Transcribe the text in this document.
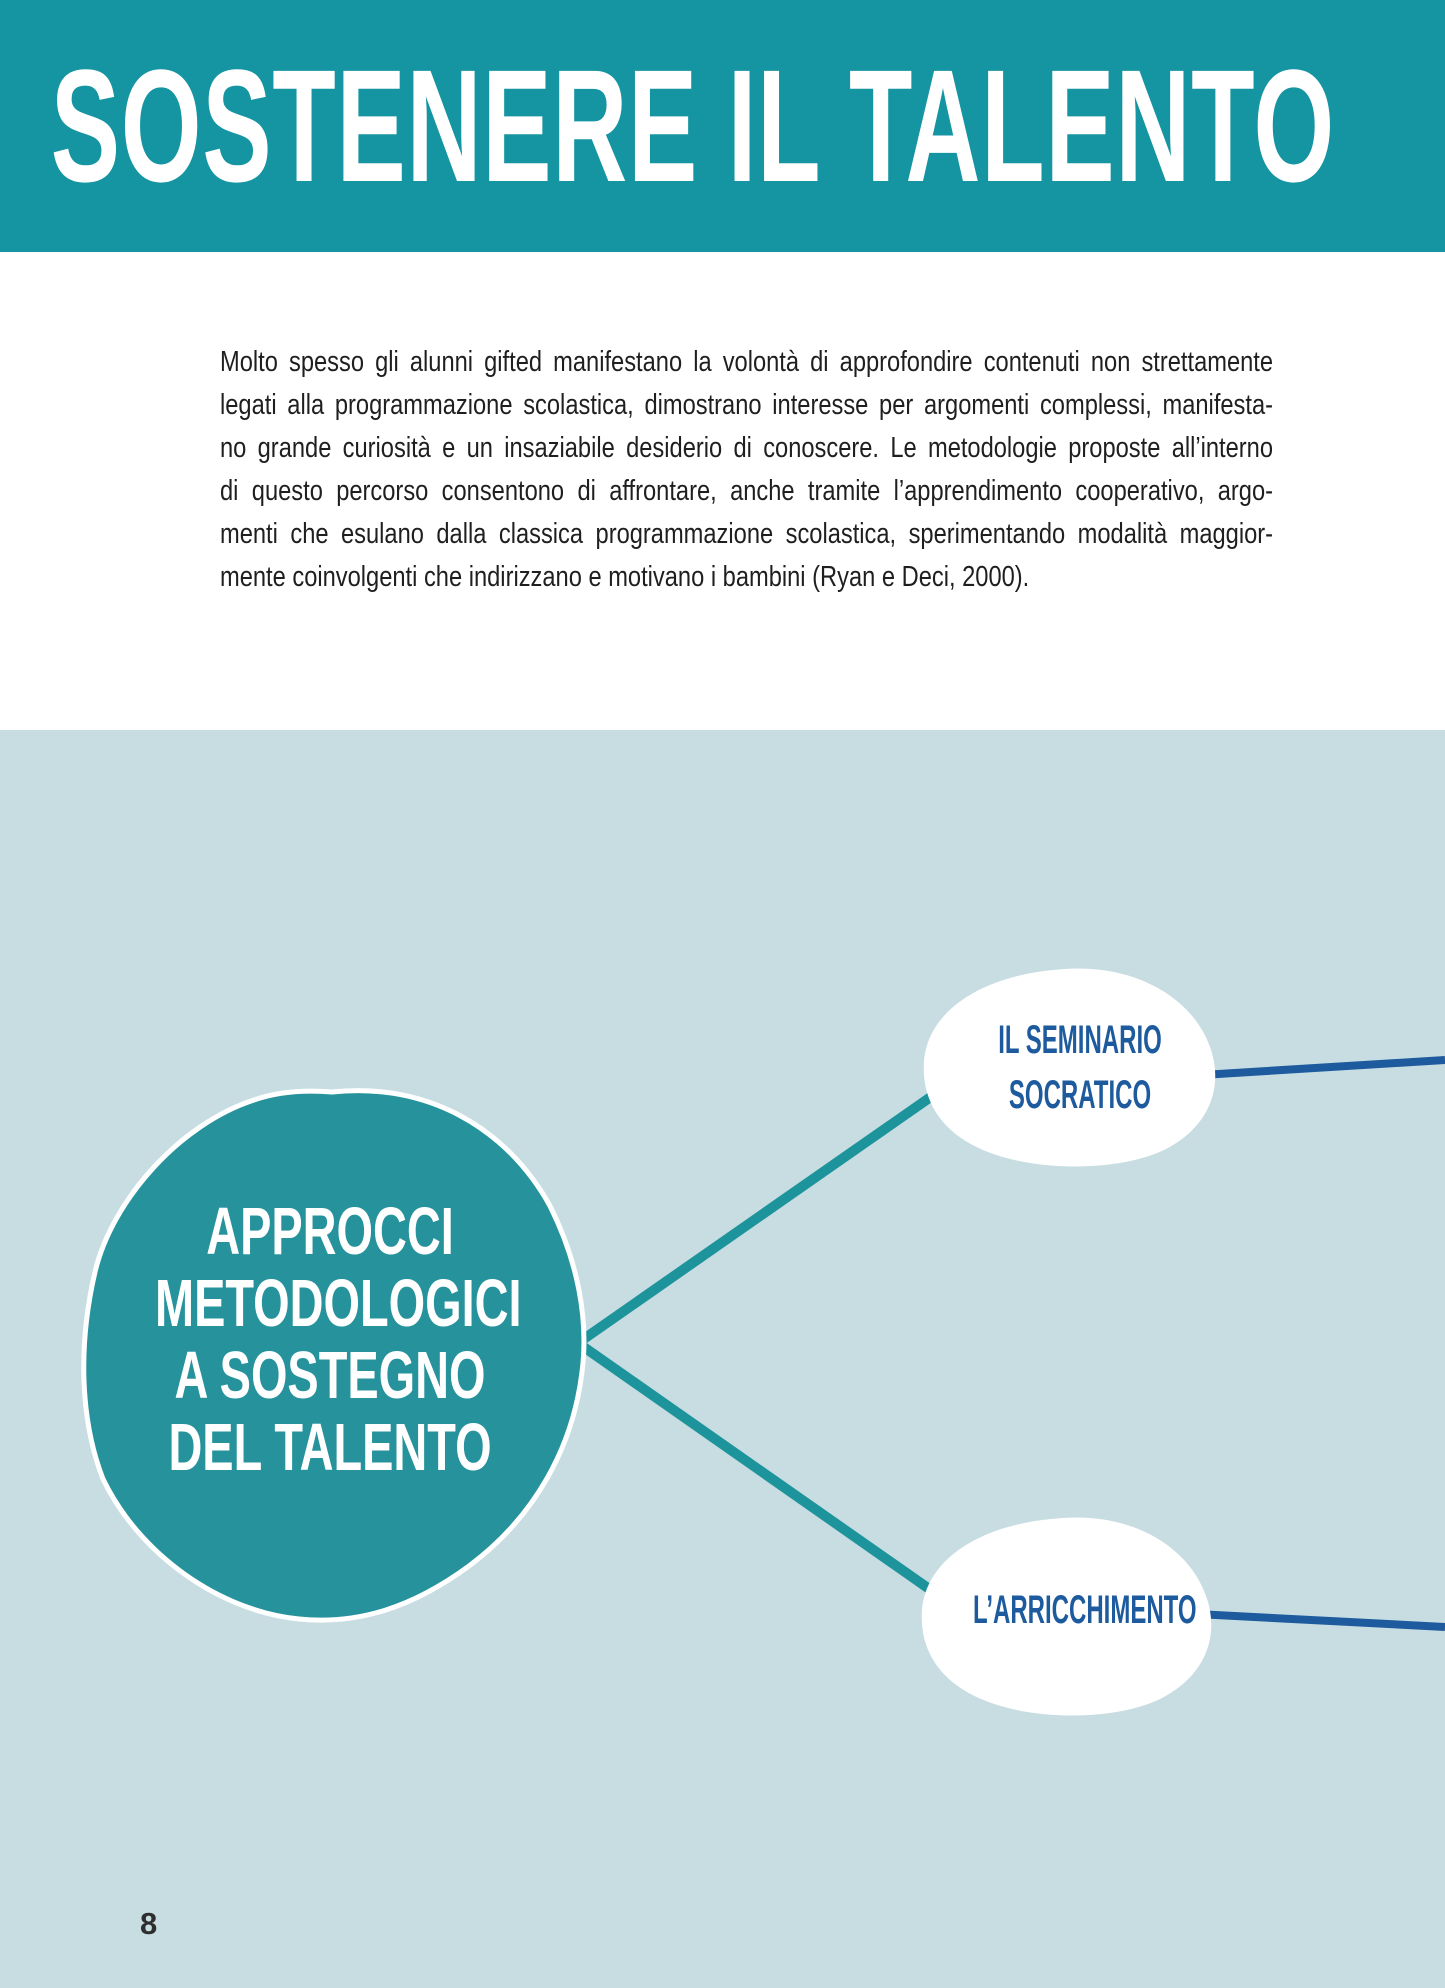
SOSTENERE IL TALENTO
Molto spesso gli alunni gifted manifestano la volontà di approfondire contenuti non strettamente
legati alla programmazione scolastica, dimostrano interesse per argomenti complessi, manifesta-
no grande curiosità e un insaziabile desiderio di conoscere. Le metodologie proposte all’interno
di questo percorso consentono di affrontare, anche tramite l’apprendimento cooperativo, argo-
menti che esulano dalla classica programmazione scolastica, sperimentando modalità maggior-
mente coinvolgenti che indirizzano e motivano i bambini (Ryan e Deci, 2000).
APPROCCI
METODOLOGICI
A SOSTEGNO
DEL TALENTO
IL SEMINARIO
SOCRATICO
L’ARRICCHIMENTO
8
